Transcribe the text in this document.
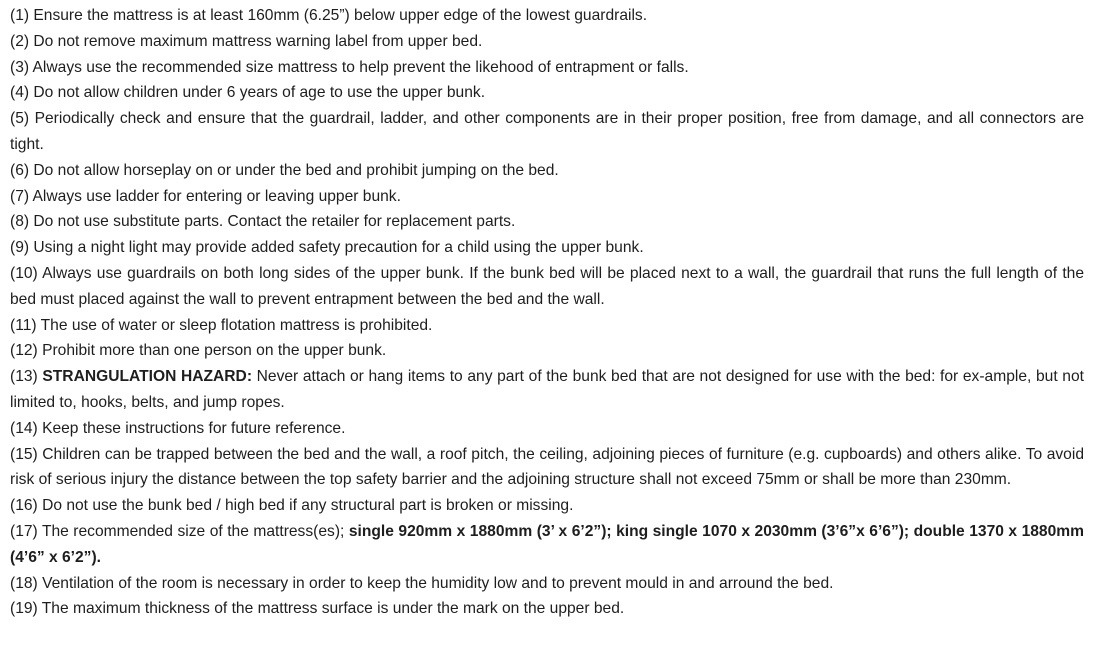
(1) Ensure the mattress is at least 160mm (6.25”) below upper edge of the lowest guardrails.

(2) Do not remove maximum mattress warning label from upper bed.

(3) Always use the recommended size mattress to help prevent the likehood of entrapment or falls.

(4) Do not allow children under 6 years of age to use the upper bunk.

(5) Periodically check and ensure that the guardrail, ladder, and other components are in their proper position, free from damage, and all connectors are tight.

(6) Do not allow horseplay on or under the bed and prohibit jumping on the bed.

(7) Always use ladder for entering or leaving upper bunk.

(8) Do not use substitute parts. Contact the retailer for replacement parts.

(9) Using a night light may provide added safety precaution for a child using the upper bunk.

(10) Always use guardrails on both long sides of the upper bunk. If the bunk bed will be placed next to a wall, the guardrail that runs the full length of the bed must placed against the wall to prevent entrapment between the bed and the wall.

(11) The use of water or sleep flotation mattress is prohibited.

(12) Prohibit more than one person on the upper bunk.

(13) STRANGULATION HAZARD: Never attach or hang items to any part of the bunk bed that are not designed for use with the bed: for ex-ample, but not limited to, hooks, belts, and jump ropes.

(14) Keep these instructions for future reference.

(15) Children can be trapped between the bed and the wall, a roof pitch, the ceiling, adjoining pieces of furniture (e.g. cupboards) and others alike. To avoid risk of serious injury the distance between the top safety barrier and the adjoining structure shall not exceed 75mm or shall be more than 230mm.

(16) Do not use the bunk bed / high bed if any structural part is broken or missing.

(17) The recommended size of the mattress(es); single 920mm x 1880mm (3’ x 6’2”); king single 1070 x 2030mm (3’6”x 6’6”); double 1370 x 1880mm (4’6” x 6’2”).

(18) Ventilation of the room is necessary in order to keep the humidity low and to prevent mould in and arround the bed.

(19) The maximum thickness of the mattress surface is under the mark on the upper bed.
